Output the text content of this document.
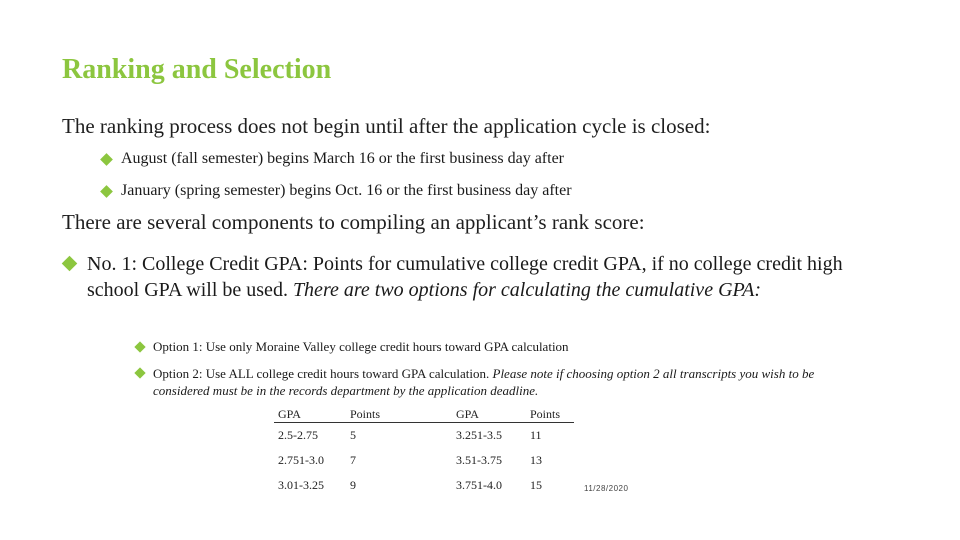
Ranking and Selection
The ranking process does not begin until after the application cycle is closed:
August (fall semester) begins March 16 or the first business day after
January (spring semester) begins Oct. 16 or the first business day after
There are several components to compiling an applicant’s rank score:
No. 1: College Credit GPA: Points for cumulative college credit GPA, if no college credit high school GPA will be used. There are two options for calculating the cumulative GPA:
Option 1: Use only Moraine Valley college credit hours toward GPA calculation
Option 2: Use ALL college credit hours toward GPA calculation. Please note if choosing option 2 all transcripts you wish to be considered must be in the records department by the application deadline.
GPA	Points	GPA	Points
2.5-2.75	5	3.251-3.5	11
2.751-3.0	7	3.51-3.75	13
3.01-3.25	9	3.751-4.0	15	11/28/2020
